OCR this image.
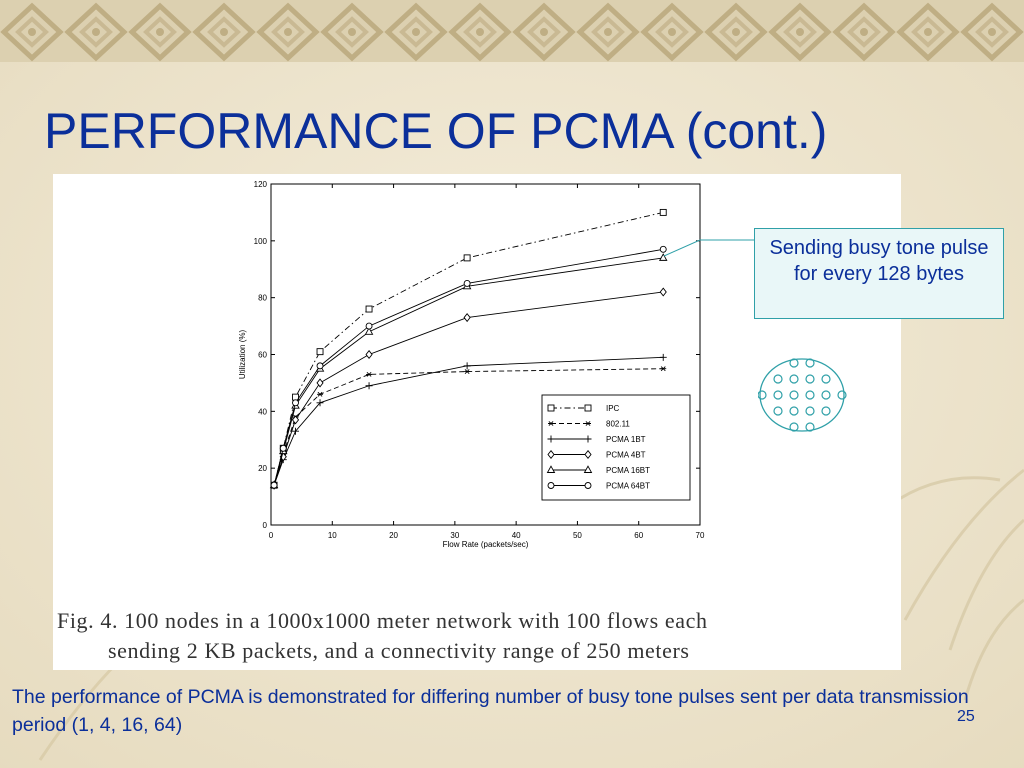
PERFORMANCE OF PCMA (cont.)
0	10	20	30	40	50	60	70
0
20
40
60
80
100
120
Flow Rate (packets/sec)
Utilization (%)
IPC
802.11
PCMA 1BT
PCMA 4BT
PCMA 16BT
PCMA 64BT

Fig. 4. 100 nodes in a 1000x1000 meter network with 100 flows each
sending 2 KB packets, and a connectivity range of 250 meters

Sending busy tone pulse for every 128 bytes

The performance of PCMA is demonstrated for differing number of busy tone pulses sent per data transmission period (1, 4, 16, 64)	25
